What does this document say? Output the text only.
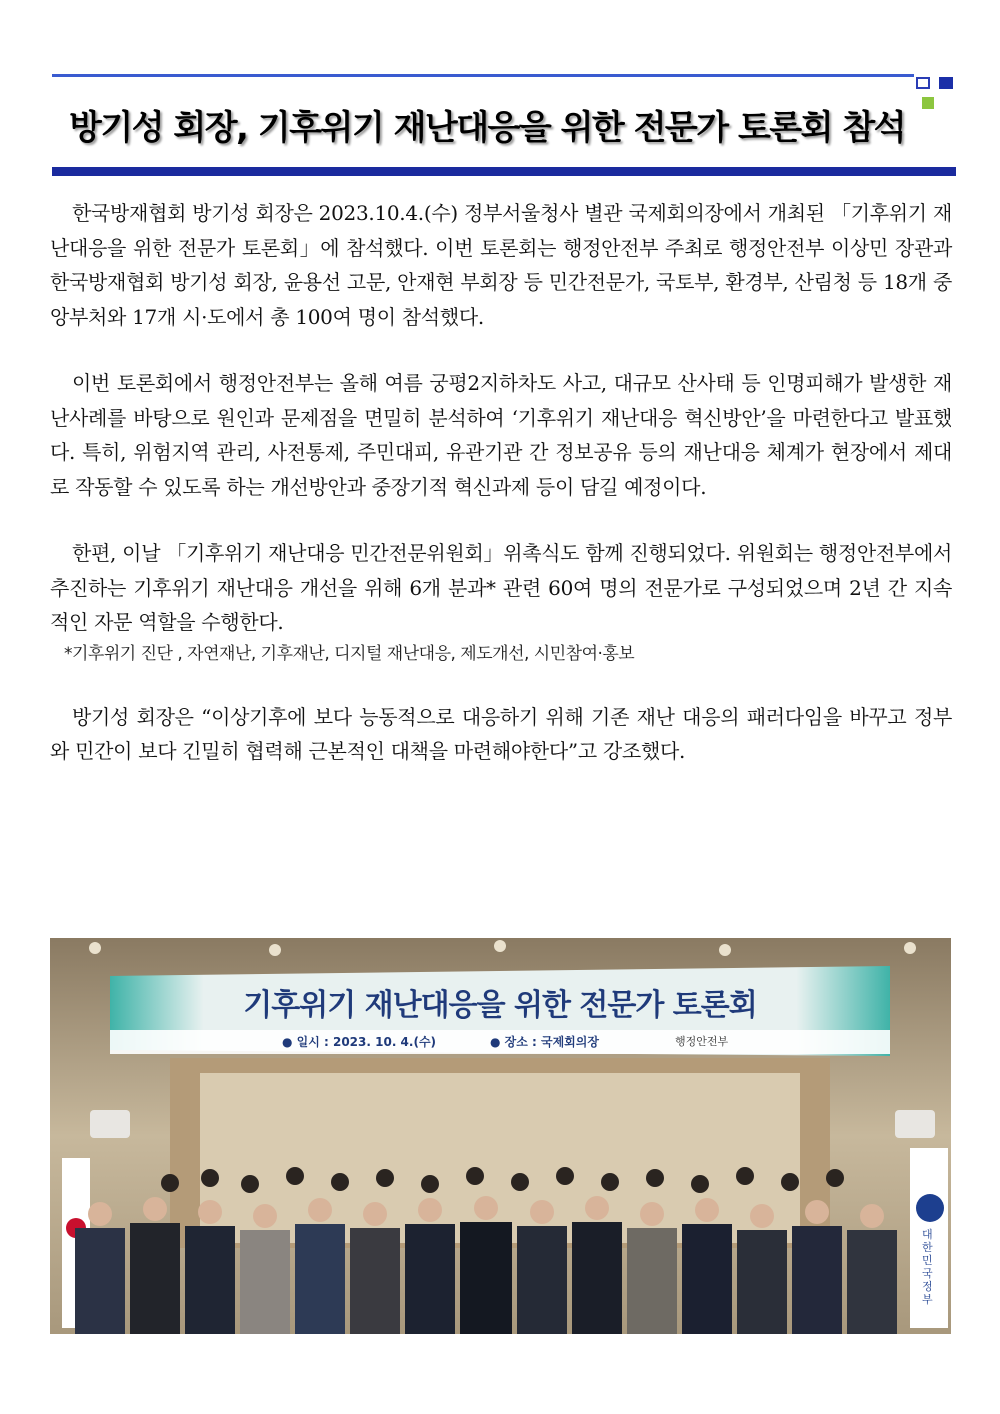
방기성 회장, 기후위기 재난대응을 위한 전문가 토론회 참석

한국방재협회 방기성 회장은 2023.10.4.(수) 정부서울청사 별관 국제회의장에서 개최된 「기후위기 재난대응을 위한 전문가 토론회」에 참석했다. 이번 토론회는 행정안전부 주최로 행정안전부 이상민 장관과 한국방재협회 방기성 회장, 윤용선 고문, 안재현 부회장 등 민간전문가, 국토부, 환경부, 산림청 등 18개 중앙부처와 17개 시·도에서 총 100여 명이 참석했다.

이번 토론회에서 행정안전부는 올해 여름 궁평2지하차도 사고, 대규모 산사태 등 인명피해가 발생한 재난사례를 바탕으로 원인과 문제점을 면밀히 분석하여 ‘기후위기 재난대응 혁신방안’을 마련한다고 발표했다. 특히, 위험지역 관리, 사전통제, 주민대피, 유관기관 간 정보공유 등의 재난대응 체계가 현장에서 제대로 작동할 수 있도록 하는 개선방안과 중장기적 혁신과제 등이 담길 예정이다.

한편, 이날 「기후위기 재난대응 민간전문위원회」위촉식도 함께 진행되었다. 위원회는 행정안전부에서 추진하는 기후위기 재난대응 개선을 위해 6개 분과* 관련 60여 명의 전문가로 구성되었으며 2년 간 지속적인 자문 역할을 수행한다.

*기후위기 진단 , 자연재난, 기후재난, 디지털 재난대응, 제도개선, 시민참여·홍보

방기성 회장은 “이상기후에 보다 능동적으로 대응하기 위해 기존 재난 대응의 패러다임을 바꾸고 정부와 민간이 보다 긴밀히 협력해 근본적인 대책을 마련해야한다”고 강조했다.

기후위기 재난대응을 위한 전문가 토론회
● 일시 : 2023. 10. 4.(수)	● 장소 : 국제회의장	행정안전부
대한민국정부
